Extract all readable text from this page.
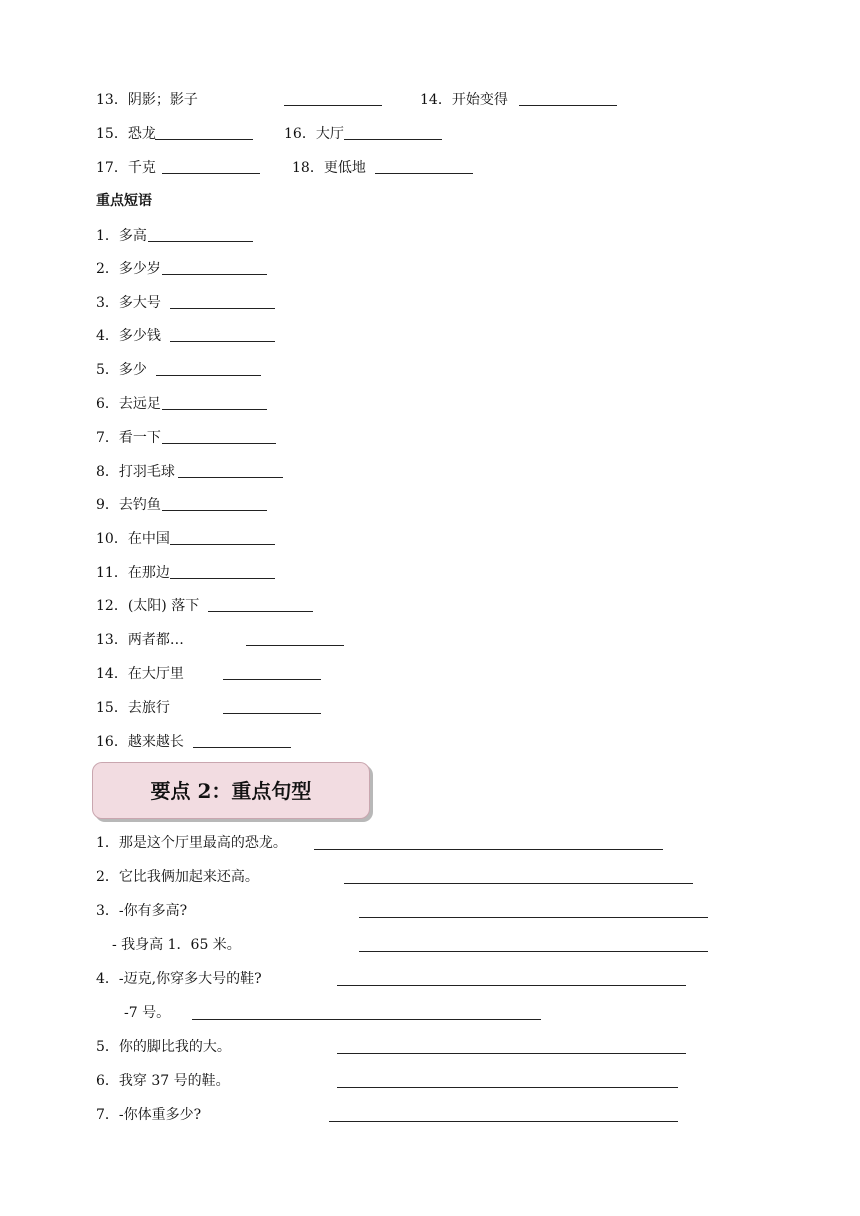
13．阴影；影子	14．开始变得
15．恐龙	16．大厅
17．千克	18．更低地
重点短语
1．多高
2．多少岁
3．多大号
4．多少钱
5．多少
6．去远足
7．看一下
8．打羽毛球
9．去钓鱼
10．在中国
11．在那边
12．(太阳) 落下
13．两者都…
14．在大厅里
15．去旅行
16．越来越长
要点 2：重点句型
1．那是这个厅里最高的恐龙。
2．它比我俩加起来还高。
3．-你有多高?
- 我身高 1．65 米。
4．-迈克,你穿多大号的鞋?
-7 号。
5．你的脚比我的大。
6．我穿 37 号的鞋。
7．-你体重多少?
